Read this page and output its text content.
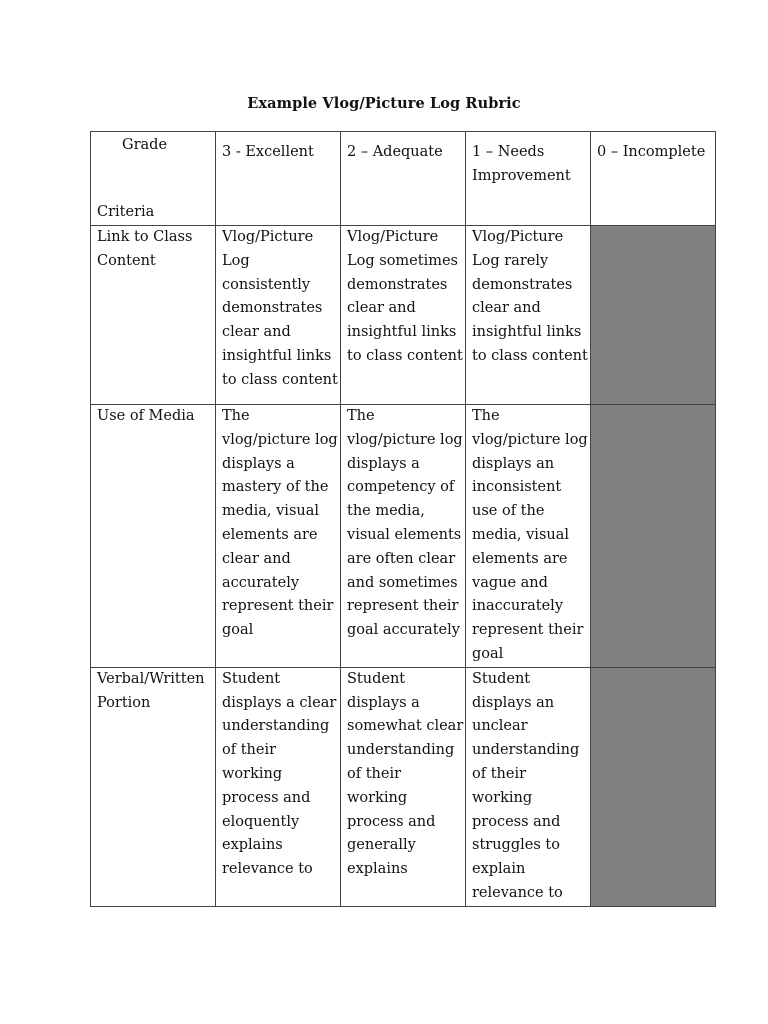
Example Vlog/Picture Log Rubric
Grade
Criteria	3 - Excellent	2 – Adequate	1 – Needs Improvement	0 – Incomplete
Link to Class Content	Vlog/Picture Log consistently demonstrates clear and insightful links to class content	Vlog/Picture Log sometimes demonstrates clear and insightful links to class content	Vlog/Picture Log rarely demonstrates clear and insightful links to class content	
Use of Media	The vlog/picture log displays a mastery of the media, visual elements are clear and accurately represent their goal	The vlog/picture log displays a competency of the media, visual elements are often clear and sometimes represent their goal accurately	The vlog/picture log displays an inconsistent use of the media, visual elements are vague and inaccurately represent their goal	
Verbal/Written Portion	Student displays a clear understanding of their working process and eloquently explains relevance to	Student displays a somewhat clear understanding of their working process and generally explains	Student displays an unclear understanding of their working process and struggles to explain relevance to	
